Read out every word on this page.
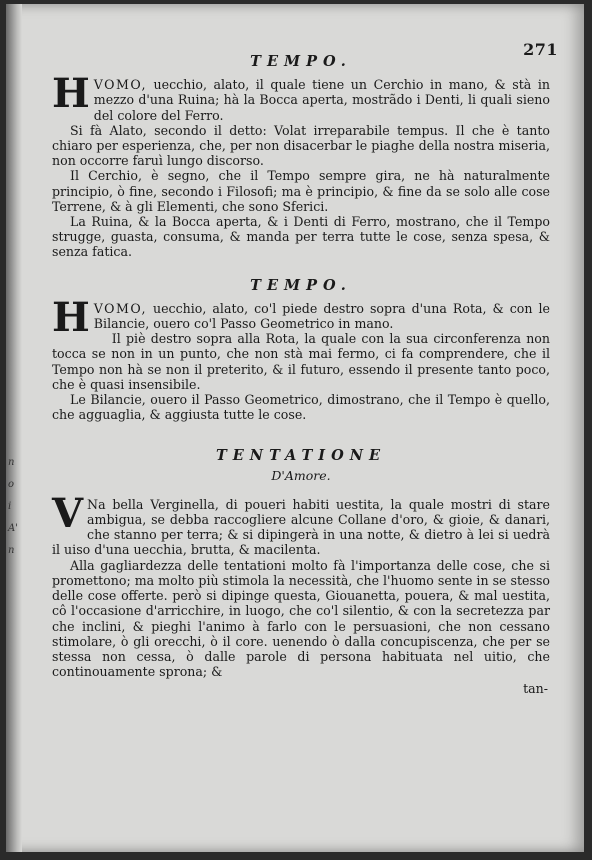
n
o
i
A'
n
271
TEMPO.

HVOMO, uecchio, alato, il quale tiene un Cerchio in mano, & stà in mezzo d'una Ruina; hà la Bocca aperta, mostrãdo i Denti, li quali sieno del colore del Ferro.

Si fà Alato, secondo il detto: Volat irreparabile tempus. Il che è tanto chiaro per esperienza, che, per non disacerbar le piaghe della nostra miseria, non occorre faruì lungo discorso.

Il Cerchio, è segno, che il Tempo sempre gira, ne hà naturalmente principio, ò fine, secondo i Filosofi; ma è principio, & fine da se solo alle cose Terrene, & à gli Elementi, che sono Sferici.

La Ruina, & la Bocca aperta, & i Denti di Ferro, mostrano, che il Tempo strugge, guasta, consuma, & manda per terra tutte le cose, senza spesa, & senza fatica.

TEMPO.

HVOMO, uecchio, alato, co'l piede destro sopra d'una Rota, & con le Bilancie, ouero co'l Passo Geometrico in mano.

Il piè destro sopra alla Rota, la quale con la sua circonferenza non tocca se non in un punto, che non stà mai fermo, ci fa comprendere, che il Tempo non hà se non il preterito, & il futuro, essendo il presente tanto poco, che è quasi insensibile.

Le Bilancie, ouero il Passo Geometrico, dimostrano, che il Tempo è quello, che agguaglia, & aggiusta tutte le cose.

TENTATIONE
D'Amore.

V Na bella Verginella, di poueri habiti uestita, la quale mostri di stare ambigua, se debba raccogliere alcune Collane d'oro, & gioie, & danari, che stanno per terra; & si dipingerà in una notte, & dietro à lei si uedrà il uiso d'una uecchia, brutta, & macilenta.

Alla gagliardezza delle tentationi molto fà l'importanza delle cose, che si promettono; ma molto più stimola la necessità, che l'huomo sente in se stesso delle cose offerte. però si dipinge questa, Giouanetta, pouera, & mal uestita, cô l'occasione d'arricchire, in luogo, che co'l silentio, & con la secretezza par che inclini, & pieghi l'animo à farlo con le persuasioni, che non cessano stimolare, ò gli orecchi, ò il core. uenendo ò dalla concupiscenza, che per se stessa non cessa, ò dalle parole di persona habituata nel uitio, che continouamente sprona; &

tan-
